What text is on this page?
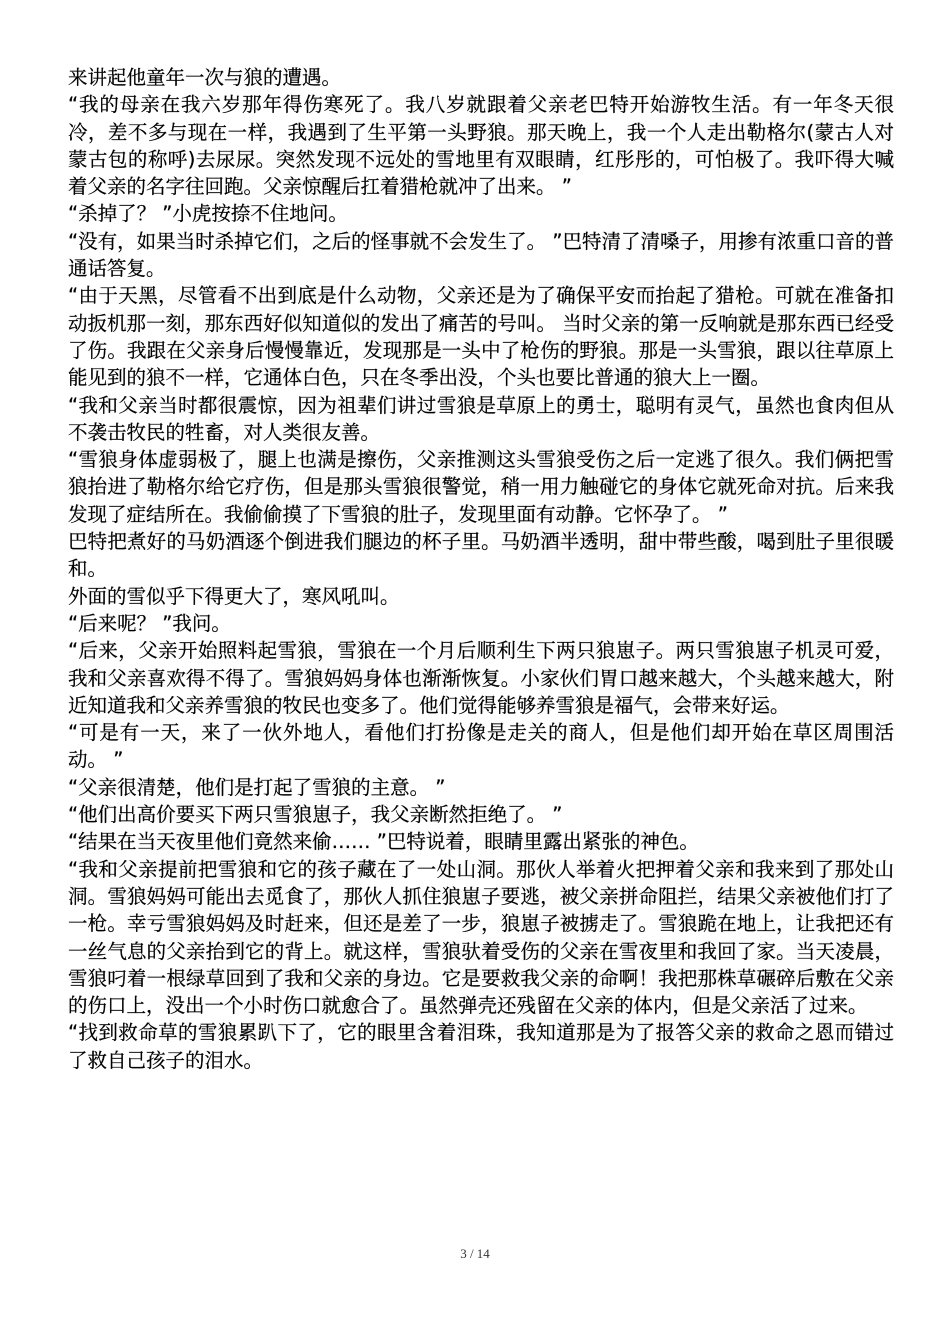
来讲起他童年一次与狼的遭遇。

“我的母亲在我六岁那年得伤寒死了。我八岁就跟着父亲老巴特开始游牧生活。有一年冬天很冷，差不多与现在一样，我遇到了生平第一头野狼。那天晚上，我一个人走出勒格尔(蒙古人对蒙古包的称呼)去尿尿。突然发现不远处的雪地里有双眼睛，红彤彤的，可怕极了。我吓得大喊着父亲的名字往回跑。父亲惊醒后扛着猎枪就冲了出来。 ”

“杀掉了？ ”小虎按捺不住地问。

“没有，如果当时杀掉它们，之后的怪事就不会发生了。 ”巴特清了清嗓子，用掺有浓重口音的普通话答复。

“由于天黑，尽管看不出到底是什么动物，父亲还是为了确保平安而抬起了猎枪。可就在准备扣动扳机那一刻，那东西好似知道似的发出了痛苦的号叫。 当时父亲的第一反响就是那东西已经受了伤。我跟在父亲身后慢慢靠近，发现那是一头中了枪伤的野狼。那是一头雪狼，跟以往草原上能见到的狼不一样，它通体白色，只在冬季出没，个头也要比普通的狼大上一圈。

“我和父亲当时都很震惊，因为祖辈们讲过雪狼是草原上的勇士，聪明有灵气，虽然也食肉但从不袭击牧民的牲畜，对人类很友善。

“雪狼身体虚弱极了，腿上也满是擦伤，父亲推测这头雪狼受伤之后一定逃了很久。我们俩把雪狼抬进了勒格尔给它疗伤，但是那头雪狼很警觉，稍一用力触碰它的身体它就死命对抗。后来我发现了症结所在。我偷偷摸了下雪狼的肚子，发现里面有动静。它怀孕了。 ”

巴特把煮好的马奶酒逐个倒进我们腿边的杯子里。马奶酒半透明，甜中带些酸，喝到肚子里很暖和。

外面的雪似乎下得更大了，寒风吼叫。

“后来呢？ ”我问。

“后来，父亲开始照料起雪狼，雪狼在一个月后顺利生下两只狼崽子。两只雪狼崽子机灵可爱，我和父亲喜欢得不得了。雪狼妈妈身体也渐渐恢复。小家伙们胃口越来越大，个头越来越大，附近知道我和父亲养雪狼的牧民也变多了。他们觉得能够养雪狼是福气，会带来好运。

“可是有一天，来了一伙外地人，看他们打扮像是走关的商人，但是他们却开始在草区周围活动。 ”

“父亲很清楚，他们是打起了雪狼的主意。 ”

“他们出高价要买下两只雪狼崽子，我父亲断然拒绝了。 ”

“结果在当天夜里他们竟然来偷…… ”巴特说着，眼睛里露出紧张的神色。

“我和父亲提前把雪狼和它的孩子藏在了一处山洞。那伙人举着火把押着父亲和我来到了那处山洞。雪狼妈妈可能出去觅食了，那伙人抓住狼崽子要逃，被父亲拼命阻拦，结果父亲被他们打了一枪。幸亏雪狼妈妈及时赶来，但还是差了一步，狼崽子被掳走了。雪狼跪在地上，让我把还有一丝气息的父亲抬到它的背上。就这样，雪狼驮着受伤的父亲在雪夜里和我回了家。当天凌晨，雪狼叼着一根绿草回到了我和父亲的身边。它是要救我父亲的命啊！我把那株草碾碎后敷在父亲的伤口上，没出一个小时伤口就愈合了。虽然弹壳还残留在父亲的体内，但是父亲活了过来。

“找到救命草的雪狼累趴下了，它的眼里含着泪珠，我知道那是为了报答父亲的救命之恩而错过了救自己孩子的泪水。

3 / 14
